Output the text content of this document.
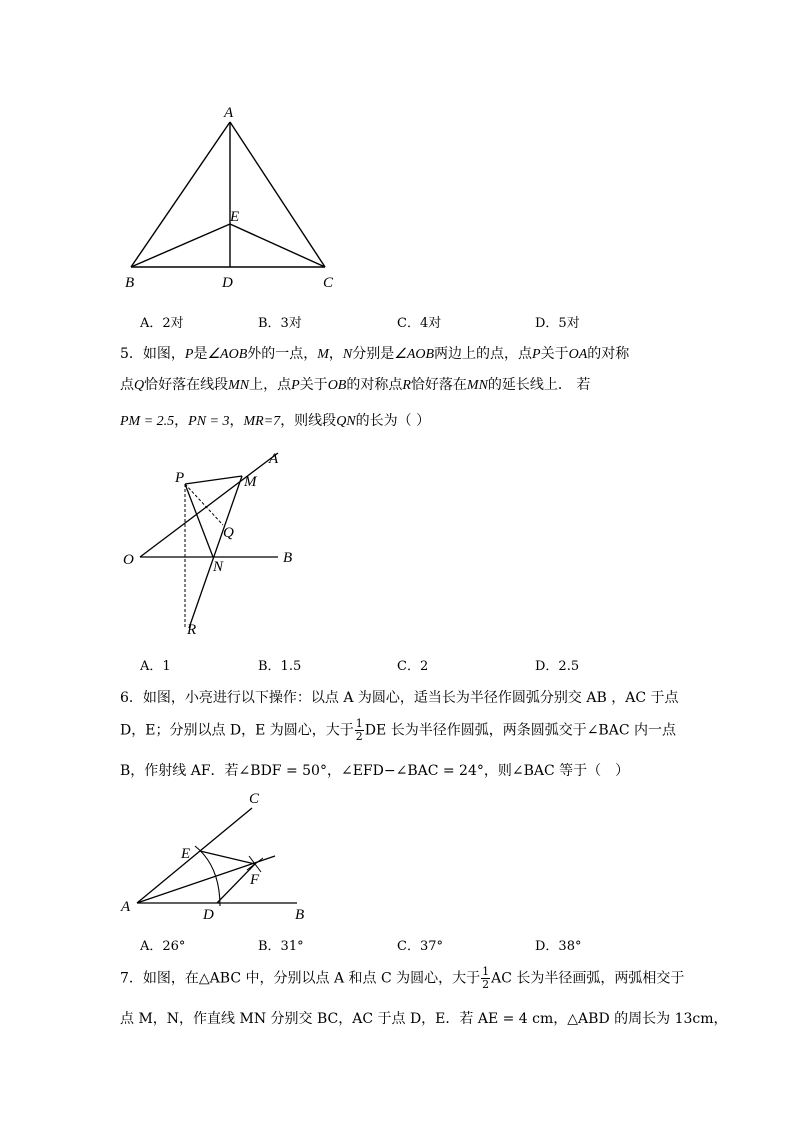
A
E
B	D	C
A．2对	B．3对	C．4对	D．5对
5．如图，P是∠AOB外的一点，M，N分别是∠AOB两边上的点，点P关于OA的对称
点Q恰好落在线段MN上，点P关于OB的对称点R恰好落在MN的延长线上． 若
PM = 2.5，PN = 3，MR=7，则线段QN的长为（ ）
P	M
A
Q
O	N
B
R
A．1	B．1.5	C．2	D．2.5
6．如图，小亮进行以下操作：以点 A 为圆心，适当长为半径作圆弧分别交 AB ，AC 于点
D，E；分别以点 D，E 为圆心，大于 $\frac{1}{2}$ DE 长为半径作圆弧，两条圆弧交于∠BAC 内一点
B，作射线 AF．若∠BDF = 50°，∠EFD−∠BAC = 24°，则∠BAC 等于（　）
C
E
F
A	D	B
A．26°	B．31°	C．37°	D．38°
7．如图，在△ABC 中，分别以点 A 和点 C 为圆心，大于 $\frac{1}{2}$ AC 长为半径画弧，两弧相交于
点 M，N，作直线 MN 分别交 BC，AC 于点 D，E．若 AE = 4 cm，△ABD 的周长为 13cm，
